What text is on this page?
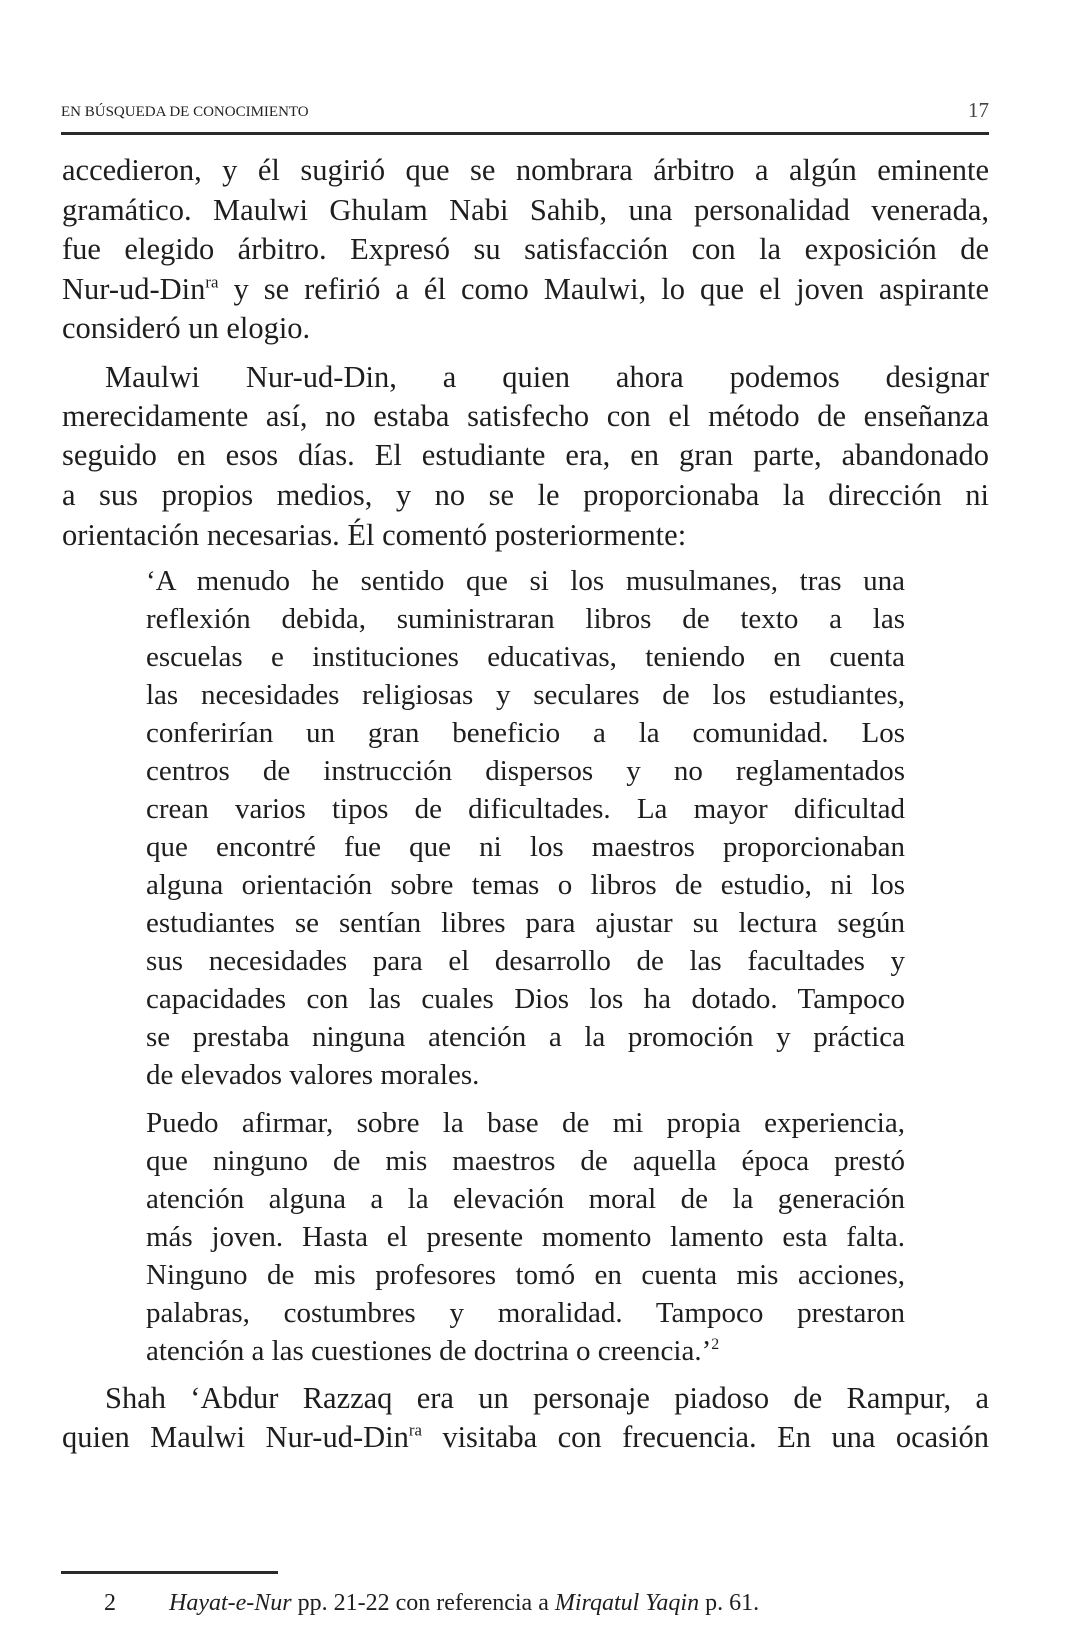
EN BÚSQUEDA DE CONOCIMIENTO	17
accedieron, y él sugirió que se nombrara árbitro a algún eminente
gramático. Maulwi Ghulam Nabi Sahib, una personalidad venerada,
fue elegido árbitro. Expresó su satisfacción con la exposición de
Nur-ud-Din$^{ra}$ y se refirió a él como Maulwi, lo que el joven aspirante
consideró un elogio.
Maulwi Nur-ud-Din, a quien ahora podemos designar
merecidamente así, no estaba satisfecho con el método de enseñanza
seguido en esos días. El estudiante era, en gran parte, abandonado
a sus propios medios, y no se le proporcionaba la dirección ni
orientación necesarias. Él comentó posteriormente:
‘A menudo he sentido que si los musulmanes, tras una
reflexión debida, suministraran libros de texto a las
escuelas e instituciones educativas, teniendo en cuenta
las necesidades religiosas y seculares de los estudiantes,
conferirían un gran beneficio a la comunidad. Los
centros de instrucción dispersos y no reglamentados
crean varios tipos de dificultades. La mayor dificultad
que encontré fue que ni los maestros proporcionaban
alguna orientación sobre temas o libros de estudio, ni los
estudiantes se sentían libres para ajustar su lectura según
sus necesidades para el desarrollo de las facultades y
capacidades con las cuales Dios los ha dotado. Tampoco
se prestaba ninguna atención a la promoción y práctica
de elevados valores morales.
Puedo afirmar, sobre la base de mi propia experiencia,
que ninguno de mis maestros de aquella época prestó
atención alguna a la elevación moral de la generación
más joven. Hasta el presente momento lamento esta falta.
Ninguno de mis profesores tomó en cuenta mis acciones,
palabras, costumbres y moralidad. Tampoco prestaron
atención a las cuestiones de doctrina o creencia.’$^2$
Shah ‘Abdur Razzaq era un personaje piadoso de Rampur, a
quien Maulwi Nur-ud-Din$^{ra}$ visitaba con frecuencia. En una ocasión
2 Hayat-e-Nur pp. 21-22 con referencia a Mirqatul Yaqin p. 61.
